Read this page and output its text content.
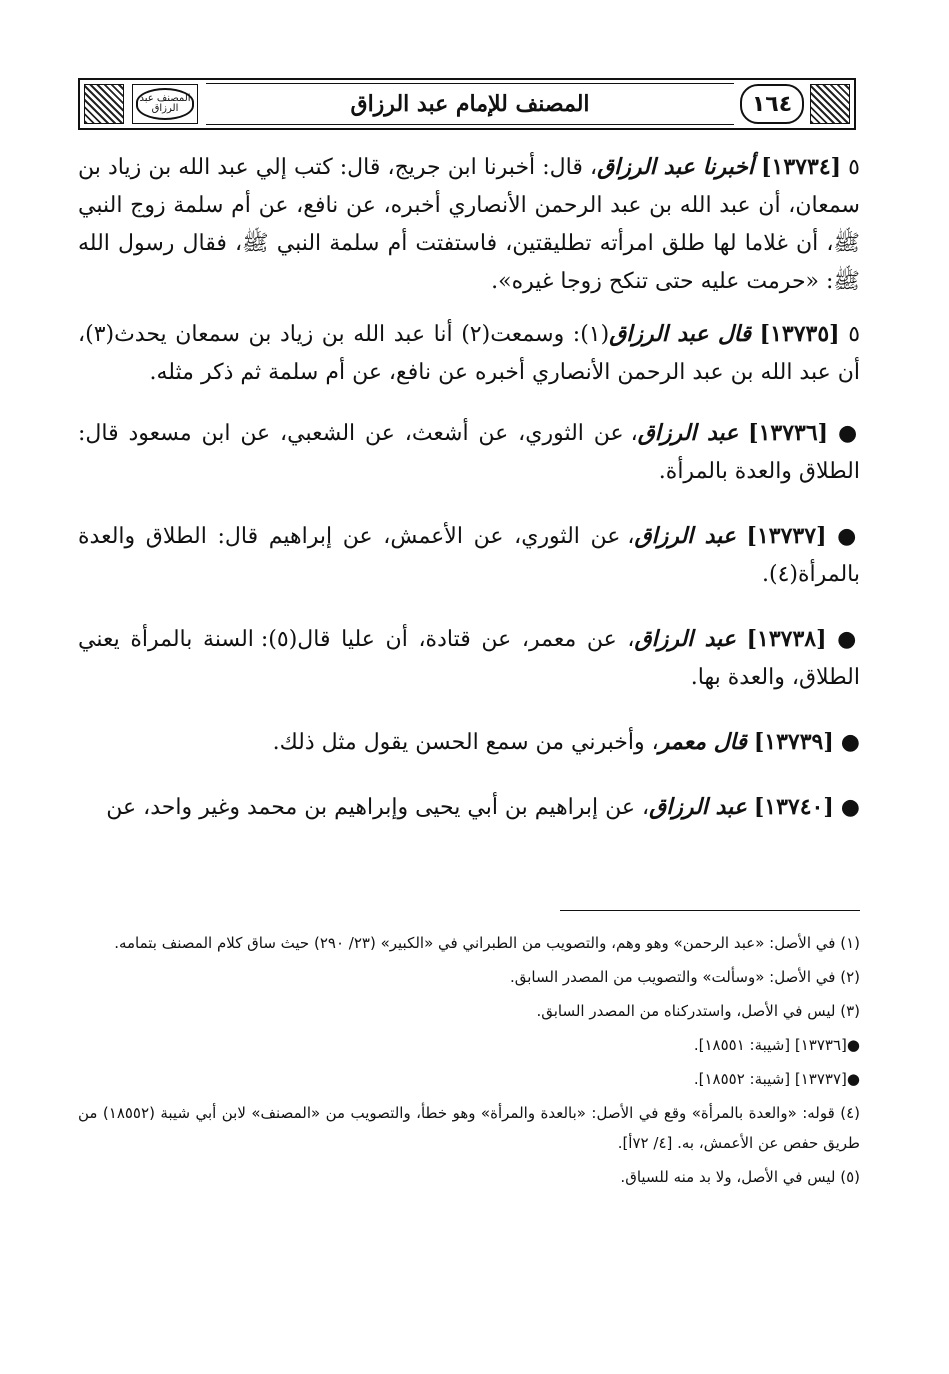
المصنف عبد الرزاق	المصنف للإمام عبد الرزاق	١٦٤

٥ [١٣٧٣٤] أخبرنا عبد الرزاق، قال: أخبرنا ابن جريج، قال: كتب إلي عبد الله بن زياد بن سمعان، أن عبد الله بن عبد الرحمن الأنصاري أخبره، عن نافع، عن أم سلمة زوج النبي ﷺ، أن غلاما لها طلق امرأته تطليقتين، فاستفتت أم سلمة النبي ﷺ، فقال رسول الله ﷺ: «حرمت عليه حتى تنكح زوجا غيره».

٥ [١٣٧٣٥] قال عبد الرزاق(١): وسمعت(٢) أنا عبد الله بن زياد بن سمعان يحدث(٣)، أن عبد الله بن عبد الرحمن الأنصاري أخبره عن نافع، عن أم سلمة ثم ذكر مثله.

● [١٣٧٣٦] عبد الرزاق، عن الثوري، عن أشعث، عن الشعبي، عن ابن مسعود قال: الطلاق والعدة بالمرأة.

● [١٣٧٣٧] عبد الرزاق، عن الثوري، عن الأعمش، عن إبراهيم قال: الطلاق والعدة بالمرأة(٤).

● [١٣٧٣٨] عبد الرزاق، عن معمر، عن قتادة، أن عليا قال(٥): السنة بالمرأة يعني الطلاق، والعدة بها.

● [١٣٧٣٩] قال معمر، وأخبرني من سمع الحسن يقول مثل ذلك.

● [١٣٧٤٠] عبد الرزاق، عن إبراهيم بن أبي يحيى وإبراهيم بن محمد وغير واحد، عن

(١) في الأصل: «عبد الرحمن» وهو وهم، والتصويب من الطبراني في «الكبير» (٢٣/ ٢٩٠) حيث ساق كلام المصنف بتمامه.

(٢) في الأصل: «وسألت» والتصويب من المصدر السابق.

(٣) ليس في الأصل، واستدركناه من المصدر السابق.

●[١٣٧٣٦] [شيبة: ١٨٥٥١].

●[١٣٧٣٧] [شيبة: ١٨٥٥٢].

(٤) قوله: «والعدة بالمرأة» وقع في الأصل: «بالعدة والمرأة» وهو خطأ، والتصويب من «المصنف» لابن أبي شيبة (١٨٥٥٢) من طريق حفص عن الأعمش، به. [٤/ ٧٢أ].

(٥) ليس في الأصل، ولا بد منه للسياق.
